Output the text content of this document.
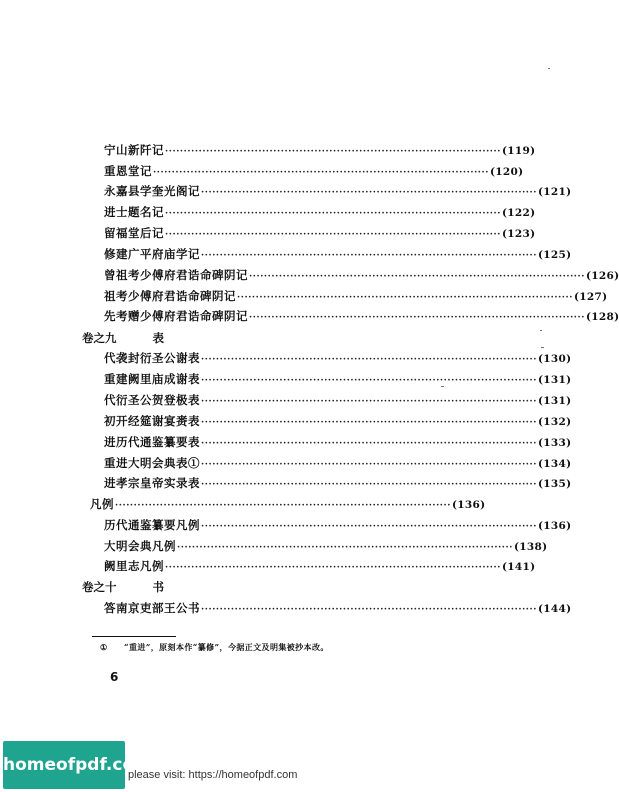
宁山新阡记 ·························································································· (119)
重恩堂记 ·························································································· (120)
永嘉县学奎光阁记 ·························································································· (121)
进士题名记 ·························································································· (122)
留福堂后记 ·························································································· (123)
修建广平府庙学记 ·························································································· (125)
曾祖考少傅府君诰命碑阴记 ·························································································· (126)
祖考少傅府君诰命碑阴记 ·························································································· (127)
先考赠少傅府君诰命碑阴记 ·························································································· (128)
卷之九	表
代袭封衍圣公谢表 ·························································································· (130)
重建阙里庙成谢表 ·························································································· (131)
代衍圣公贺登极表 ·························································································· (131)
初开经筵谢宴赉表 ·························································································· (132)
进历代通鉴纂要表 ·························································································· (133)
重进大明会典表① ·························································································· (134)
进孝宗皇帝实录表 ·························································································· (135)
凡例 ·························································································· (136)
历代通鉴纂要凡例 ·························································································· (136)
大明会典凡例 ·························································································· (138)
阙里志凡例 ·························································································· (141)
卷之十	书
答南京吏部王公书 ·························································································· (144)
① “重进”，原刻本作“纂修”，今据正文及明集被抄本改。
6
homeofpdf.com
please visit: https://homeofpdf.com
